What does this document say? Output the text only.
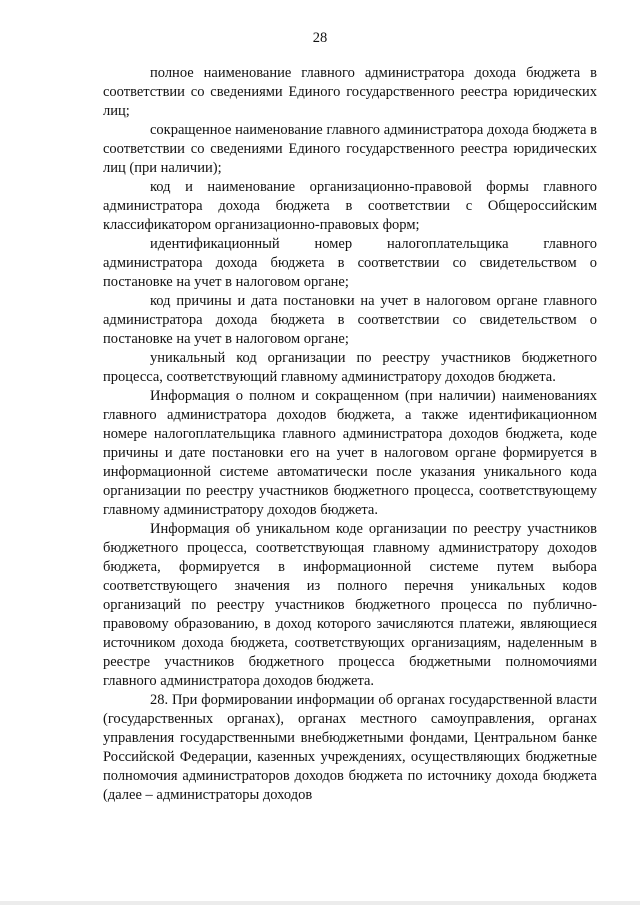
28

полное наименование главного администратора дохода бюджета в соответствии со сведениями Единого государственного реестра юридических лиц;

сокращенное наименование главного администратора дохода бюджета в соответствии со сведениями Единого государственного реестра юридических лиц (при наличии);

код и наименование организационно-правовой формы главного администратора дохода бюджета в соответствии с Общероссийским классификатором организационно-правовых форм;

идентификационный номер налогоплательщика главного администратора дохода бюджета в соответствии со свидетельством о постановке на учет в налоговом органе;

код причины и дата постановки на учет в налоговом органе главного администратора дохода бюджета в соответствии со свидетельством о постановке на учет в налоговом органе;

уникальный код организации по реестру участников бюджетного процесса, соответствующий главному администратору доходов бюджета.

Информация о полном и сокращенном (при наличии) наименованиях главного администратора доходов бюджета, а также идентификационном номере налогоплательщика главного администратора доходов бюджета, коде причины и дате постановки его на учет в налоговом органе формируется в информационной системе автоматически после указания уникального кода организации по реестру участников бюджетного процесса, соответствующему главному администратору доходов бюджета.

Информация об уникальном коде организации по реестру участников бюджетного процесса, соответствующая главному администратору доходов бюджета, формируется в информационной системе путем выбора соответствующего значения из полного перечня уникальных кодов организаций по реестру участников бюджетного процесса по публично-правовому образованию, в доход которого зачисляются платежи, являющиеся источником дохода бюджета, соответствующих организациям, наделенным в реестре участников бюджетного процесса бюджетными полномочиями главного администратора доходов бюджета.

28. При формировании информации об органах государственной власти (государственных органах), органах местного самоуправления, органах управления государственными внебюджетными фондами, Центральном банке Российской Федерации, казенных учреждениях, осуществляющих бюджетные полномочия администраторов доходов бюджета по источнику дохода бюджета (далее – администраторы доходов
